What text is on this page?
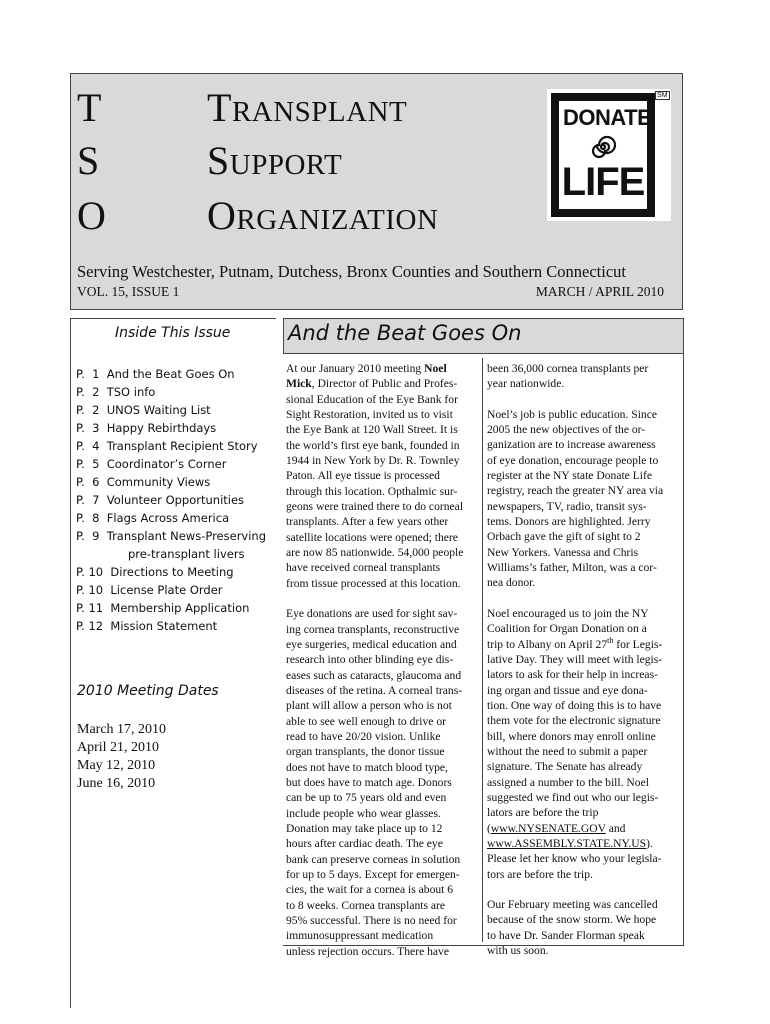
T
S
O
TRANSPLANT
SUPPORT
ORGANIZATION
DONATE
LIFE
SM
Serving Westchester, Putnam, Dutchess, Bronx Counties and Southern Connecticut
VOL. 15, ISSUE 1	MARCH / APRIL 2010
Inside This Issue
P.  1  And the Beat Goes On
P.  2  TSO info
P.  2  UNOS Waiting List
P.  3  Happy Rebirthdays
P.  4  Transplant Recipient Story
P.  5  Coordinator’s Corner
P.  6  Community Views
P.  7  Volunteer Opportunities
P.  8  Flags Across America
P.  9  Transplant News-Preserving
pre-transplant livers
P. 10  Directions to Meeting
P. 10  License Plate Order
P. 11  Membership Application
P. 12  Mission Statement
2010 Meeting Dates
March 17, 2010
April 21, 2010
May 12, 2010
June 16, 2010
And the Beat Goes On

At our January 2010 meeting Noel
Mick, Director of Public and Profes-
sional Education of the Eye Bank for
Sight Restoration, invited us to visit
the Eye Bank at 120 Wall Street. It is
the world’s first eye bank, founded in
1944 in New York by Dr. R. Townley
Paton. All eye tissue is processed
through this location. Opthalmic sur-
geons were trained there to do corneal
transplants. After a few years other
satellite locations were opened; there
are now 85 nationwide. 54,000 people
have received corneal transplants
from tissue processed at this location.

Eye donations are used for sight sav-
ing cornea transplants, reconstructive
eye surgeries, medical education and
research into other blinding eye dis-
eases such as cataracts, glaucoma and
diseases of the retina. A corneal trans-
plant will allow a person who is not
able to see well enough to drive or
read to have 20/20 vision. Unlike
organ transplants, the donor tissue
does not have to match blood type,
but does have to match age. Donors
can be up to 75 years old and even
include people who wear glasses.
Donation may take place up to 12
hours after cardiac death. The eye
bank can preserve corneas in solution
for up to 5 days. Except for emergen-
cies, the wait for a cornea is about 6
to 8 weeks. Cornea transplants are
95% successful. There is no need for
immunosuppressant medication
unless rejection occurs. There have

been 36,000 cornea transplants per
year nationwide.

Noel’s job is public education. Since
2005 the new objectives of the or-
ganization are to increase awareness
of eye donation, encourage people to
register at the NY state Donate Life
registry, reach the greater NY area via
newspapers, TV, radio, transit sys-
tems. Donors are highlighted. Jerry
Orbach gave the gift of sight to 2
New Yorkers. Vanessa and Chris
Williams’s father, Milton, was a cor-
nea donor.

Noel encouraged us to join the NY
Coalition for Organ Donation on a
trip to Albany on April 27th for Legis-
lative Day. They will meet with legis-
lators to ask for their help in increas-
ing organ and tissue and eye dona-
tion. One way of doing this is to have
them vote for the electronic signature
bill, where donors may enroll online
without the need to submit a paper
signature. The Senate has already
assigned a number to the bill. Noel
suggested we find out who our legis-
lators are before the trip
(www.NYSENATE.GOV and
www.ASSEMBLY.STATE.NY.US).
Please let her know who your legisla-
tors are before the trip.

Our February meeting was cancelled
because of the snow storm. We hope
to have Dr. Sander Florman speak
with us soon.
